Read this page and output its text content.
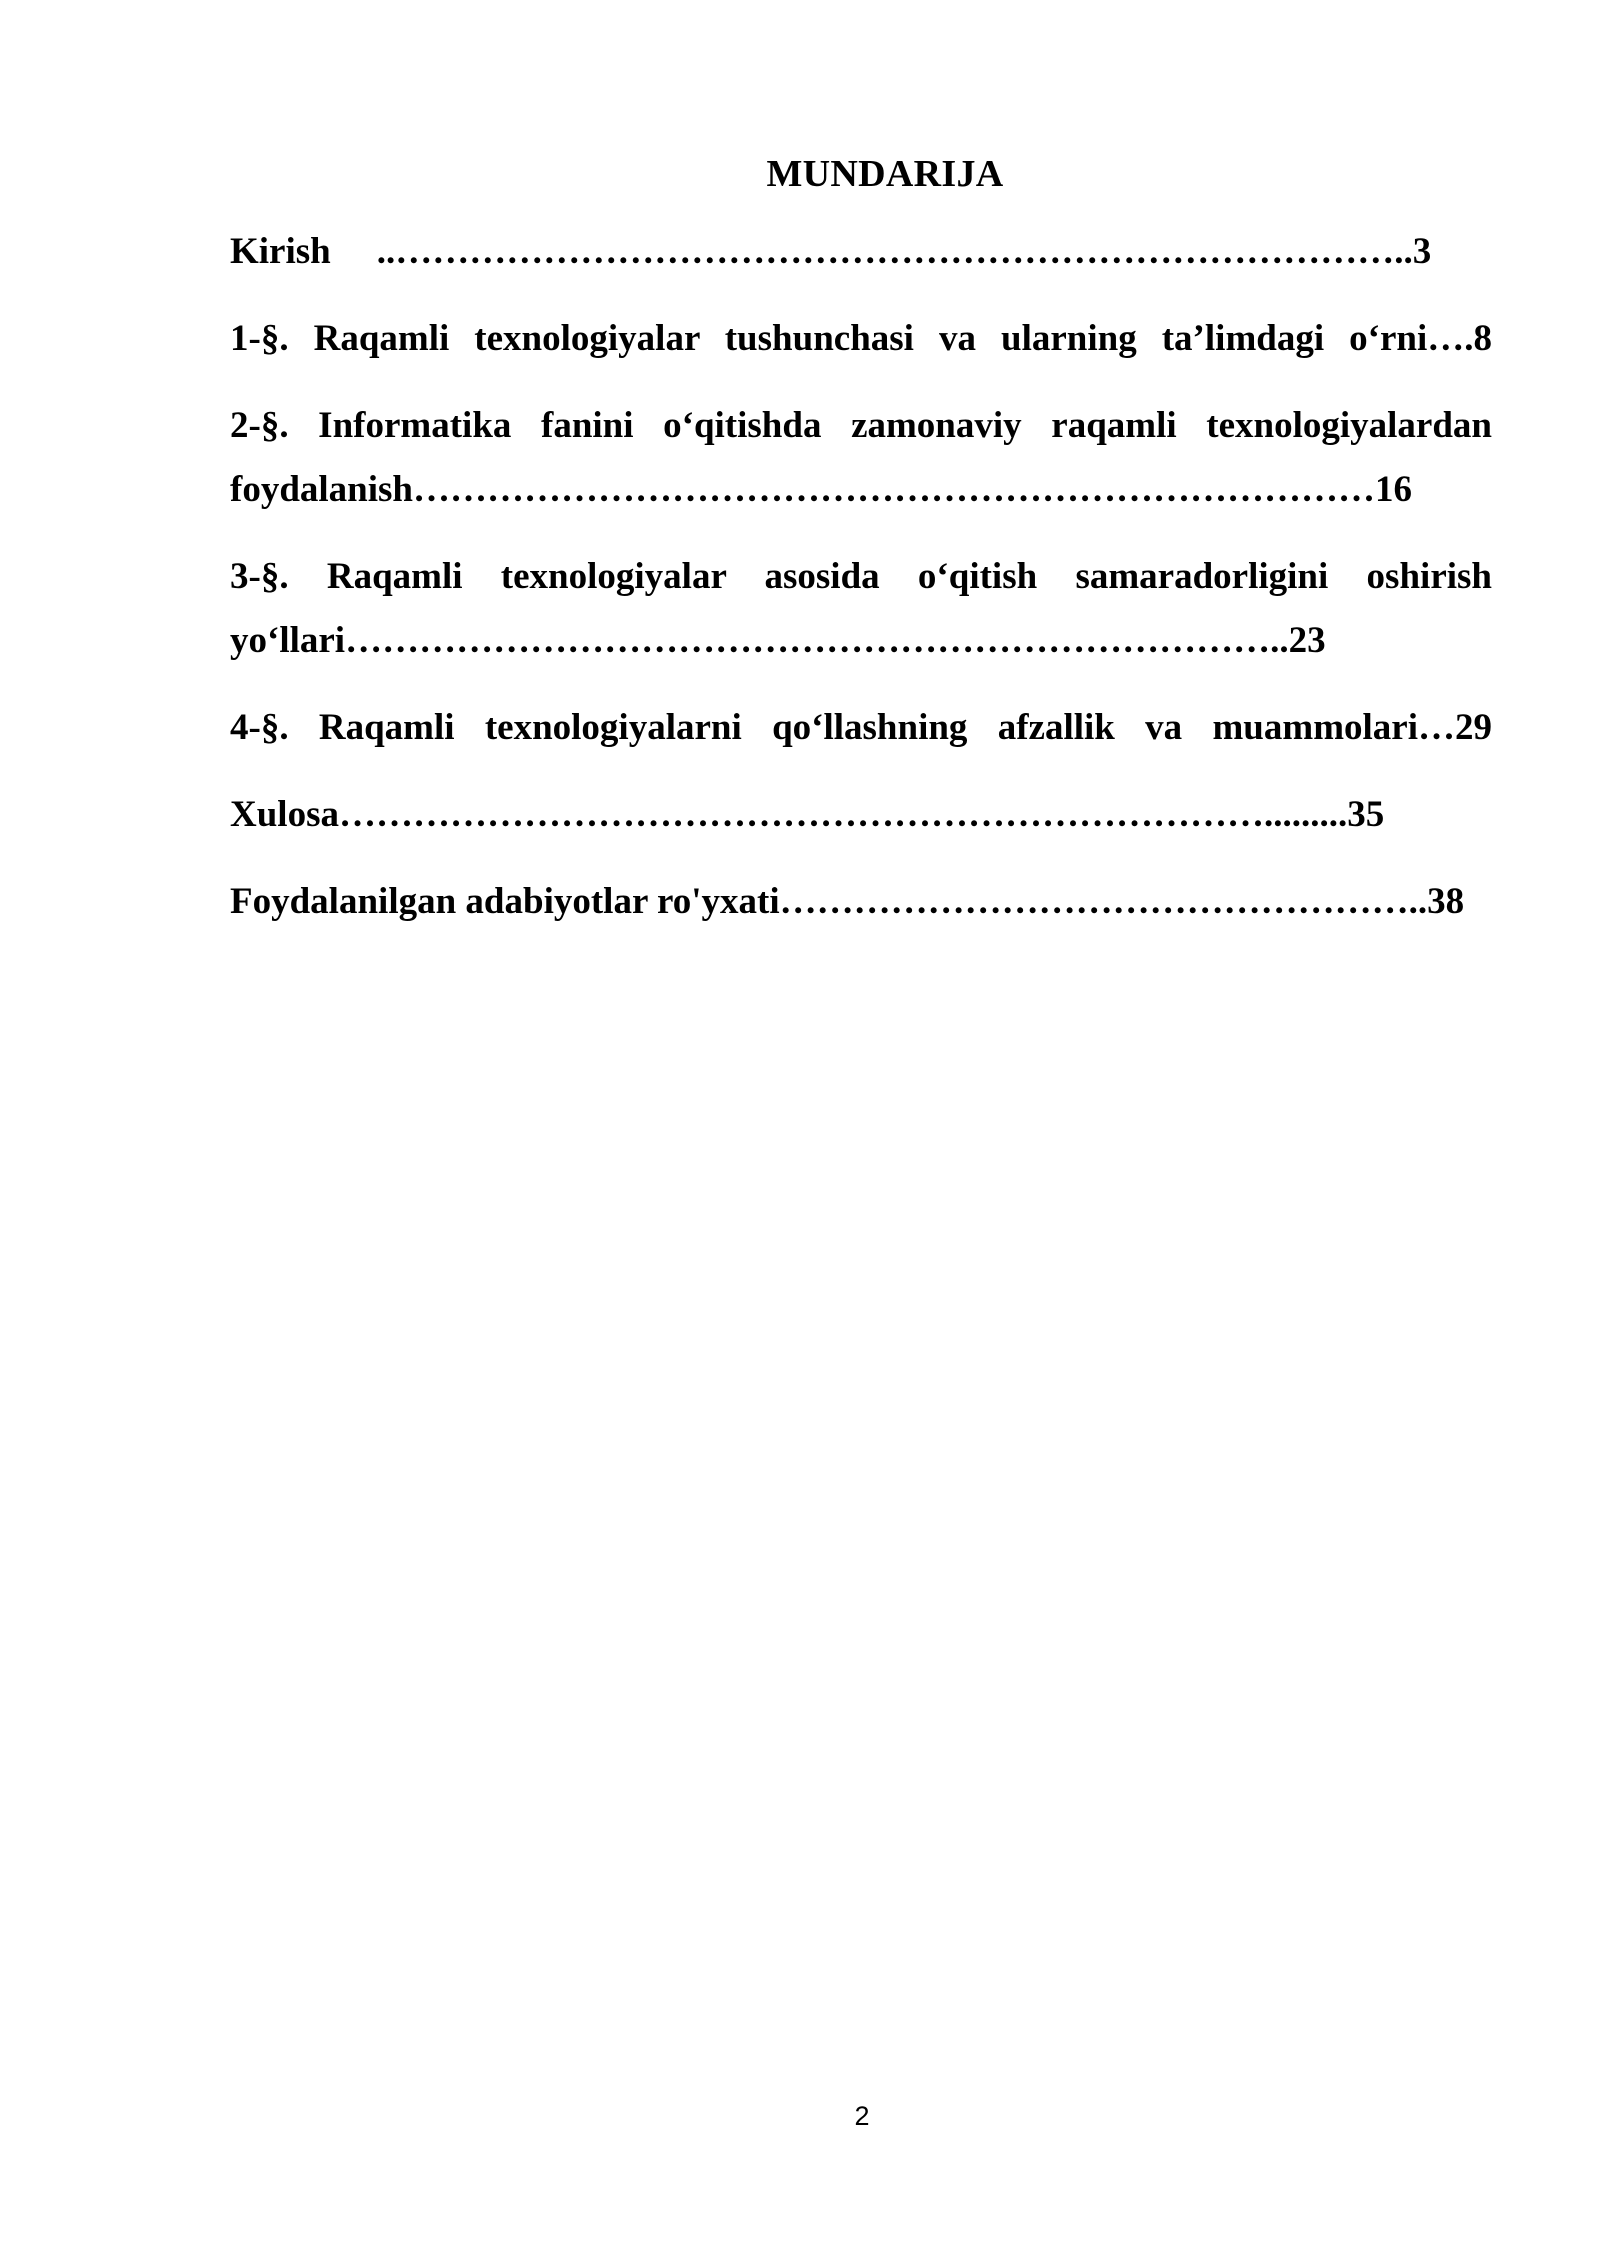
MUNDARIJA
Kirish ..………………………………………………………………………..3
1-§. Raqamli texnologiyalar tushunchasi va ularning ta’limdagi o‘rni….8
2-§. Informatika fanini o‘qitishda zamonaviy raqamli texnologiyalardan
foydalanish……………………………………………………………………16
3-§. Raqamli texnologiyalar asosida o‘qitish samaradorligini oshirish
yo‘llari…………………………………………………………………..23
4-§. Raqamli texnologiyalarni qo‘llashning afzallik va muammolari…29
Xulosa………………………………………………………………….........35
Foydalanilgan adabiyotlar ro'yxati……………………………………………..38
2
